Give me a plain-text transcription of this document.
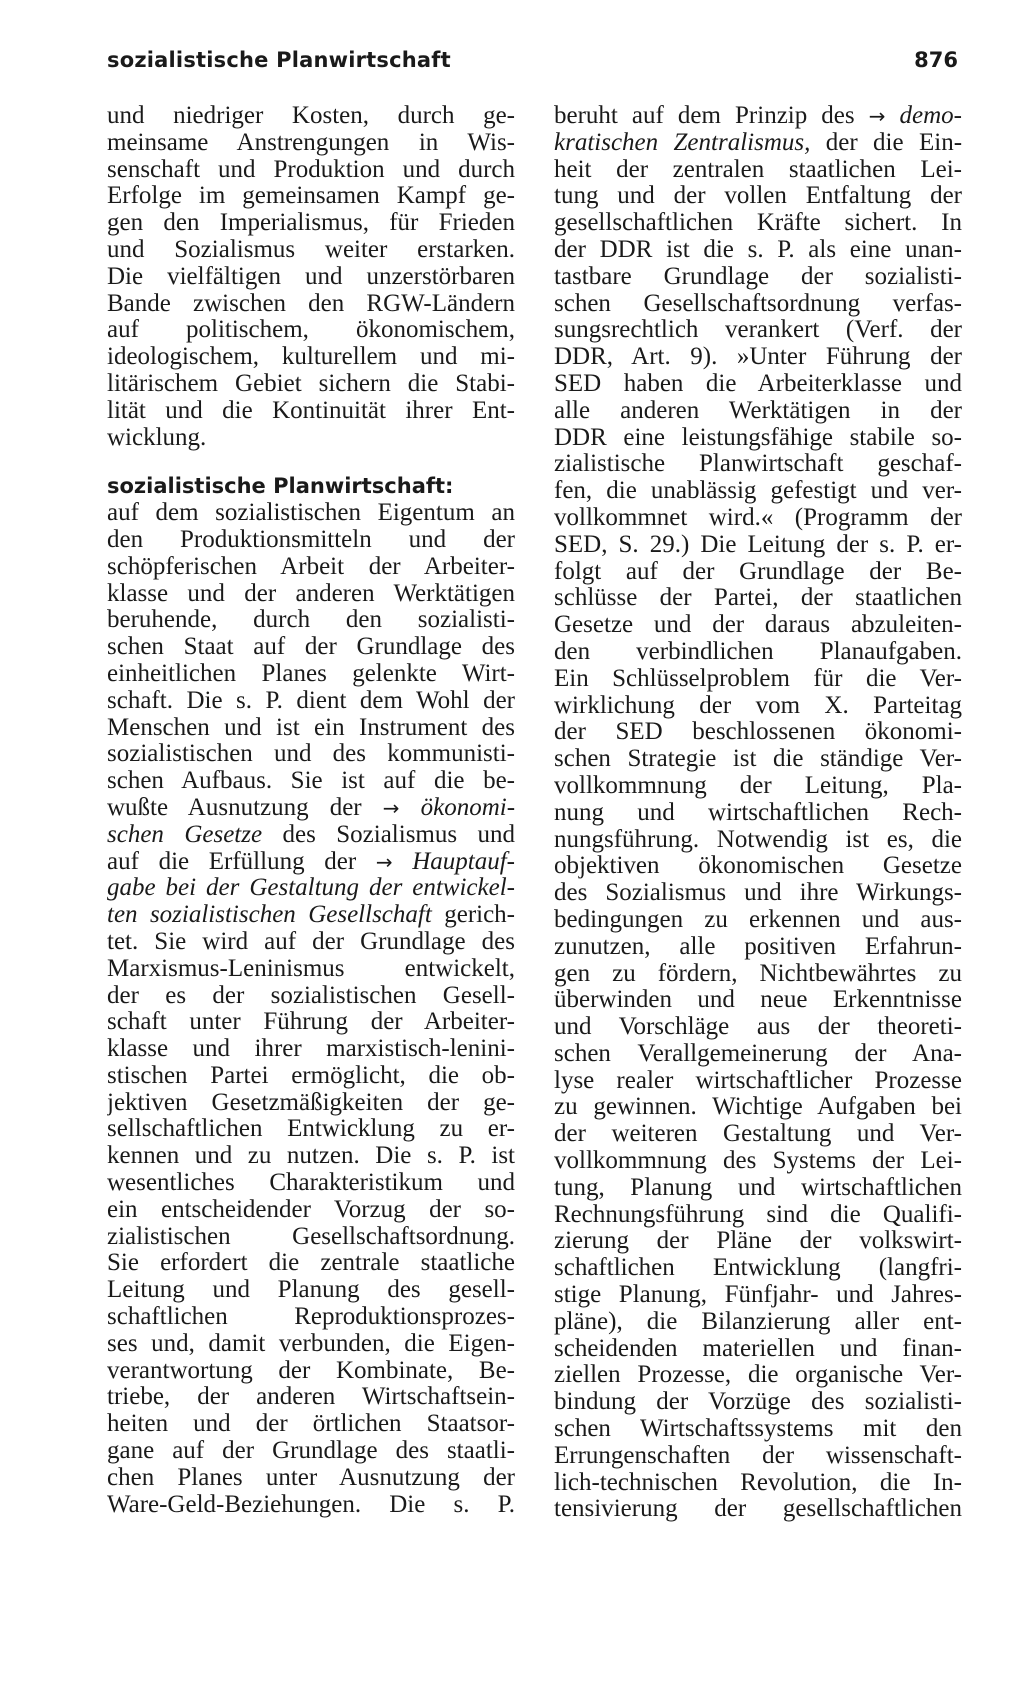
sozialistische Planwirtschaft	876
und niedriger Kosten, durch ge-
meinsame Anstrengungen in Wis-
senschaft und Produktion und durch
Erfolge im gemeinsamen Kampf ge-
gen den Imperialismus, für Frieden
und Sozialismus weiter erstarken.
Die vielfältigen und unzerstörbaren
Bande zwischen den RGW-Ländern
auf politischem, ökonomischem,
ideologischem, kulturellem und mi-
litärischem Gebiet sichern die Stabi-
lität und die Kontinuität ihrer Ent-
wicklung.
sozialistische Planwirtschaft:
auf dem sozialistischen Eigentum an
den Produktionsmitteln und der
schöpferischen Arbeit der Arbeiter-
klasse und der anderen Werktätigen
beruhende, durch den sozialisti-
schen Staat auf der Grundlage des
einheitlichen Planes gelenkte Wirt-
schaft. Die s. P. dient dem Wohl der
Menschen und ist ein Instrument des
sozialistischen und des kommunisti-
schen Aufbaus. Sie ist auf die be-
wußte Ausnutzung der → ökonomi-
schen Gesetze des Sozialismus und
auf die Erfüllung der → Hauptauf-
gabe bei der Gestaltung der entwickel-
ten sozialistischen Gesellschaft gerich-
tet. Sie wird auf der Grundlage des
Marxismus-Leninismus entwickelt,
der es der sozialistischen Gesell-
schaft unter Führung der Arbeiter-
klasse und ihrer marxistisch-lenini-
stischen Partei ermöglicht, die ob-
jektiven Gesetzmäßigkeiten der ge-
sellschaftlichen Entwicklung zu er-
kennen und zu nutzen. Die s. P. ist
wesentliches Charakteristikum und
ein entscheidender Vorzug der so-
zialistischen Gesellschaftsordnung.
Sie erfordert die zentrale staatliche
Leitung und Planung des gesell-
schaftlichen Reproduktionsprozes-
ses und, damit verbunden, die Eigen-
verantwortung der Kombinate, Be-
triebe, der anderen Wirtschaftsein-
heiten und der örtlichen Staatsor-
gane auf der Grundlage des staatli-
chen Planes unter Ausnutzung der
Ware-Geld-Beziehungen. Die s. P.
beruht auf dem Prinzip des → demo-
kratischen Zentralismus, der die Ein-
heit der zentralen staatlichen Lei-
tung und der vollen Entfaltung der
gesellschaftlichen Kräfte sichert. In
der DDR ist die s. P. als eine unan-
tastbare Grundlage der sozialisti-
schen Gesellschaftsordnung verfas-
sungsrechtlich verankert (Verf. der
DDR, Art. 9). »Unter Führung der
SED haben die Arbeiterklasse und
alle anderen Werktätigen in der
DDR eine leistungsfähige stabile so-
zialistische Planwirtschaft geschaf-
fen, die unablässig gefestigt und ver-
vollkommnet wird.« (Programm der
SED, S. 29.) Die Leitung der s. P. er-
folgt auf der Grundlage der Be-
schlüsse der Partei, der staatlichen
Gesetze und der daraus abzuleiten-
den verbindlichen Planaufgaben.
Ein Schlüsselproblem für die Ver-
wirklichung der vom X. Parteitag
der SED beschlossenen ökonomi-
schen Strategie ist die ständige Ver-
vollkommnung der Leitung, Pla-
nung und wirtschaftlichen Rech-
nungsführung. Notwendig ist es, die
objektiven ökonomischen Gesetze
des Sozialismus und ihre Wirkungs-
bedingungen zu erkennen und aus-
zunutzen, alle positiven Erfahrun-
gen zu fördern, Nichtbewährtes zu
überwinden und neue Erkenntnisse
und Vorschläge aus der theoreti-
schen Verallgemeinerung der Ana-
lyse realer wirtschaftlicher Prozesse
zu gewinnen. Wichtige Aufgaben bei
der weiteren Gestaltung und Ver-
vollkommnung des Systems der Lei-
tung, Planung und wirtschaftlichen
Rechnungsführung sind die Qualifi-
zierung der Pläne der volkswirt-
schaftlichen Entwicklung (langfri-
stige Planung, Fünfjahr- und Jahres-
pläne), die Bilanzierung aller ent-
scheidenden materiellen und finan-
ziellen Prozesse, die organische Ver-
bindung der Vorzüge des sozialisti-
schen Wirtschaftssystems mit den
Errungenschaften der wissenschaft-
lich-technischen Revolution, die In-
tensivierung der gesellschaftlichen
